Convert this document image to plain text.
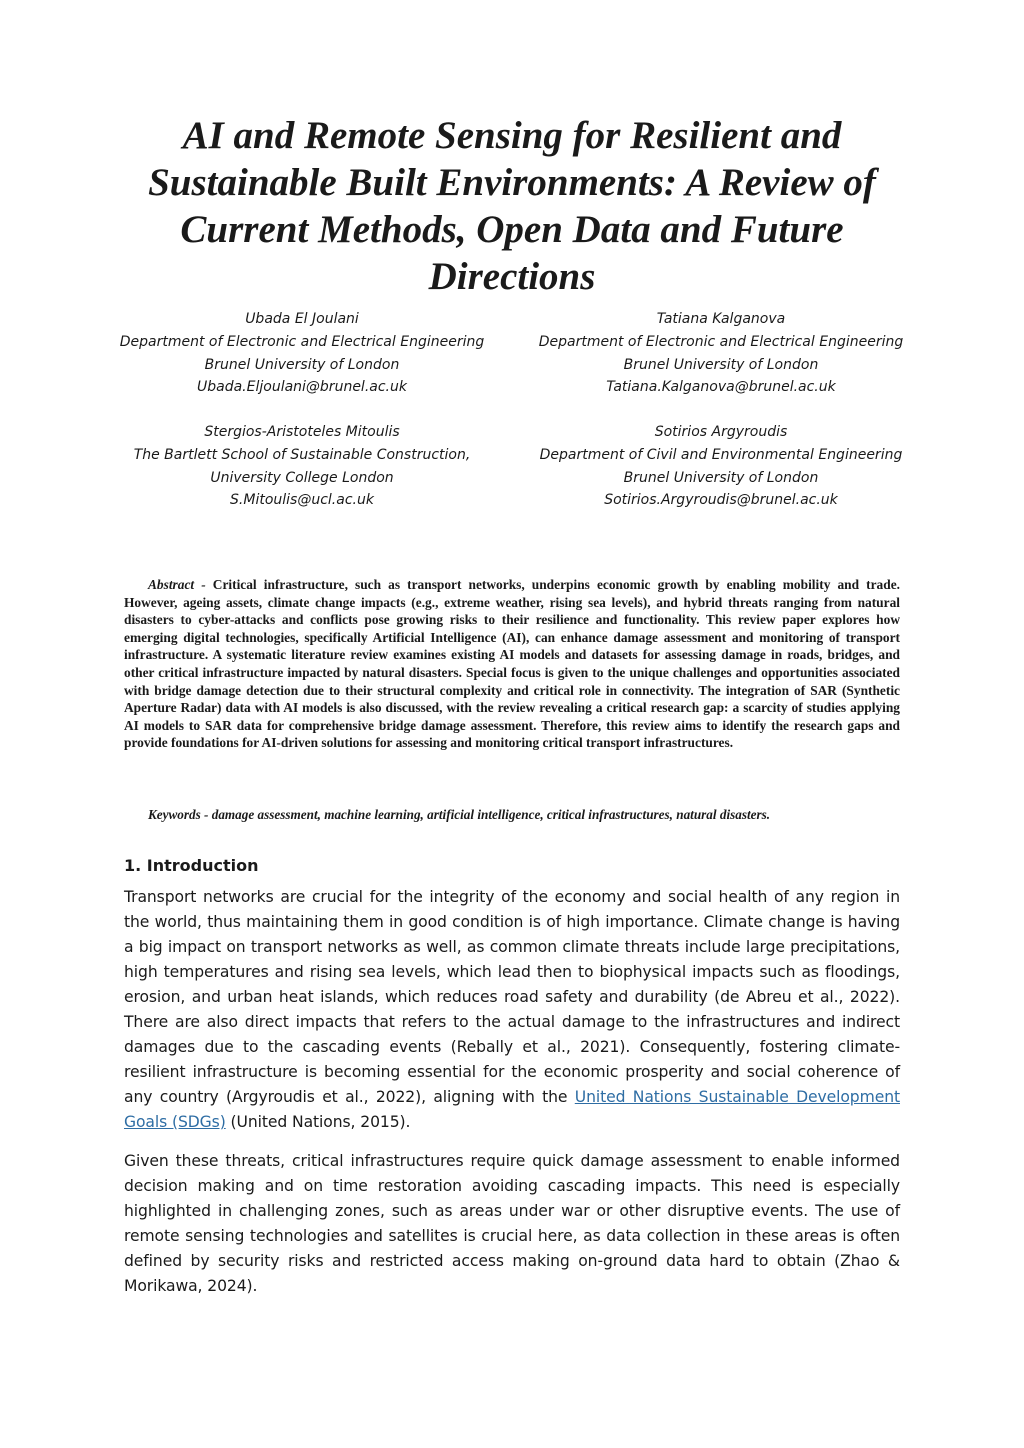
AI and Remote Sensing for Resilient and Sustainable Built Environments: A Review of Current Methods, Open Data and Future Directions
Ubada El Joulani
Department of Electronic and Electrical Engineering
Brunel University of London
Ubada.Eljoulani@brunel.ac.uk
Tatiana Kalganova
Department of Electronic and Electrical Engineering
Brunel University of London
Tatiana.Kalganova@brunel.ac.uk
Stergios-Aristoteles Mitoulis
The Bartlett School of Sustainable Construction,
University College London
S.Mitoulis@ucl.ac.uk
Sotirios Argyroudis
Department of Civil and Environmental Engineering
Brunel University of London
Sotirios.Argyroudis@brunel.ac.uk

Abstract - Critical infrastructure, such as transport networks, underpins economic growth by enabling mobility and trade. However, ageing assets, climate change impacts (e.g., extreme weather, rising sea levels), and hybrid threats ranging from natural disasters to cyber-attacks and conflicts pose growing risks to their resilience and functionality. This review paper explores how emerging digital technologies, specifically Artificial Intelligence (AI), can enhance damage assessment and monitoring of transport infrastructure. A systematic literature review examines existing AI models and datasets for assessing damage in roads, bridges, and other critical infrastructure impacted by natural disasters. Special focus is given to the unique challenges and opportunities associated with bridge damage detection due to their structural complexity and critical role in connectivity. The integration of SAR (Synthetic Aperture Radar) data with AI models is also discussed, with the review revealing a critical research gap: a scarcity of studies applying AI models to SAR data for comprehensive bridge damage assessment. Therefore, this review aims to identify the research gaps and provide foundations for AI-driven solutions for assessing and monitoring critical transport infrastructures.

Keywords - damage assessment, machine learning, artificial intelligence, critical infrastructures, natural disasters.

1. Introduction

Transport networks are crucial for the integrity of the economy and social health of any region in the world, thus maintaining them in good condition is of high importance. Climate change is having a big impact on transport networks as well, as common climate threats include large precipitations, high temperatures and rising sea levels, which lead then to biophysical impacts such as floodings, erosion, and urban heat islands, which reduces road safety and durability (de Abreu et al., 2022). There are also direct impacts that refers to the actual damage to the infrastructures and indirect damages due to the cascading events (Rebally et al., 2021). Consequently, fostering climate-resilient infrastructure is becoming essential for the economic prosperity and social coherence of any country (Argyroudis et al., 2022), aligning with the United Nations Sustainable Development Goals (SDGs) (United Nations, 2015).

Given these threats, critical infrastructures require quick damage assessment to enable informed decision making and on time restoration avoiding cascading impacts. This need is especially highlighted in challenging zones, such as areas under war or other disruptive events. The use of remote sensing technologies and satellites is crucial here, as data collection in these areas is often defined by security risks and restricted access making on-ground data hard to obtain (Zhao & Morikawa, 2024).
